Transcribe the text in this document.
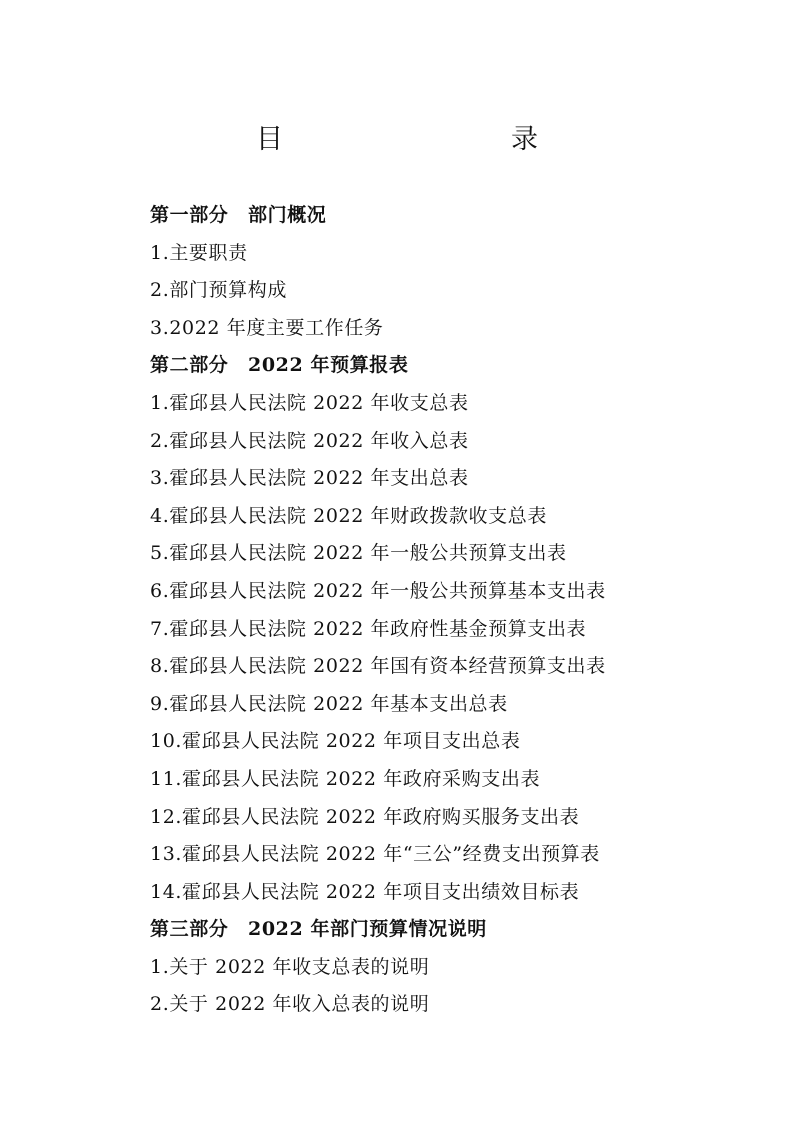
目　　录
第一部分　部门概况
1.主要职责
2.部门预算构成
3.2022 年度主要工作任务
第二部分　2022 年预算报表
1.霍邱县人民法院 2022 年收支总表
2.霍邱县人民法院 2022 年收入总表
3.霍邱县人民法院 2022 年支出总表
4.霍邱县人民法院 2022 年财政拨款收支总表
5.霍邱县人民法院 2022 年一般公共预算支出表
6.霍邱县人民法院 2022 年一般公共预算基本支出表
7.霍邱县人民法院 2022 年政府性基金预算支出表
8.霍邱县人民法院 2022 年国有资本经营预算支出表
9.霍邱县人民法院 2022 年基本支出总表
10.霍邱县人民法院 2022 年项目支出总表
11.霍邱县人民法院 2022 年政府采购支出表
12.霍邱县人民法院 2022 年政府购买服务支出表
13.霍邱县人民法院 2022 年“三公”经费支出预算表
14.霍邱县人民法院 2022 年项目支出绩效目标表
第三部分　2022 年部门预算情况说明
1.关于 2022 年收支总表的说明
2.关于 2022 年收入总表的说明
